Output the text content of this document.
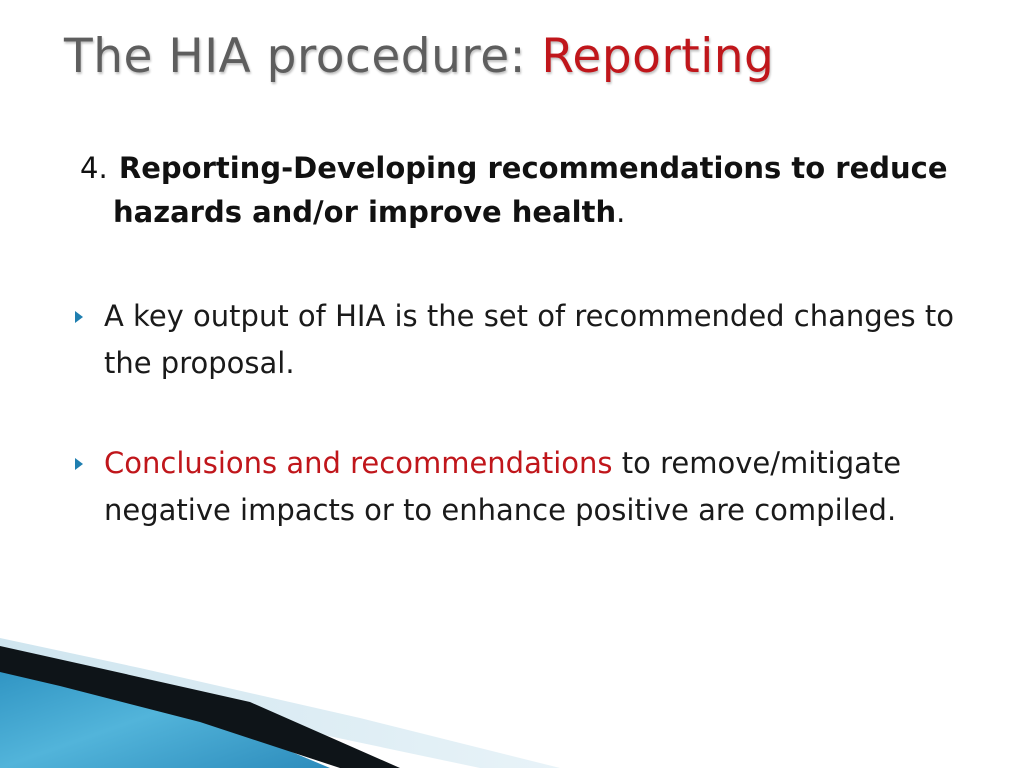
The HIA procedure: Reporting

4. Reporting-Developing recommendations to reduce hazards and/or improve health.

A key output of HIA is the set of recommended changes to the proposal.
Conclusions and recommendations to remove/mitigate negative impacts or to enhance positive are compiled.
